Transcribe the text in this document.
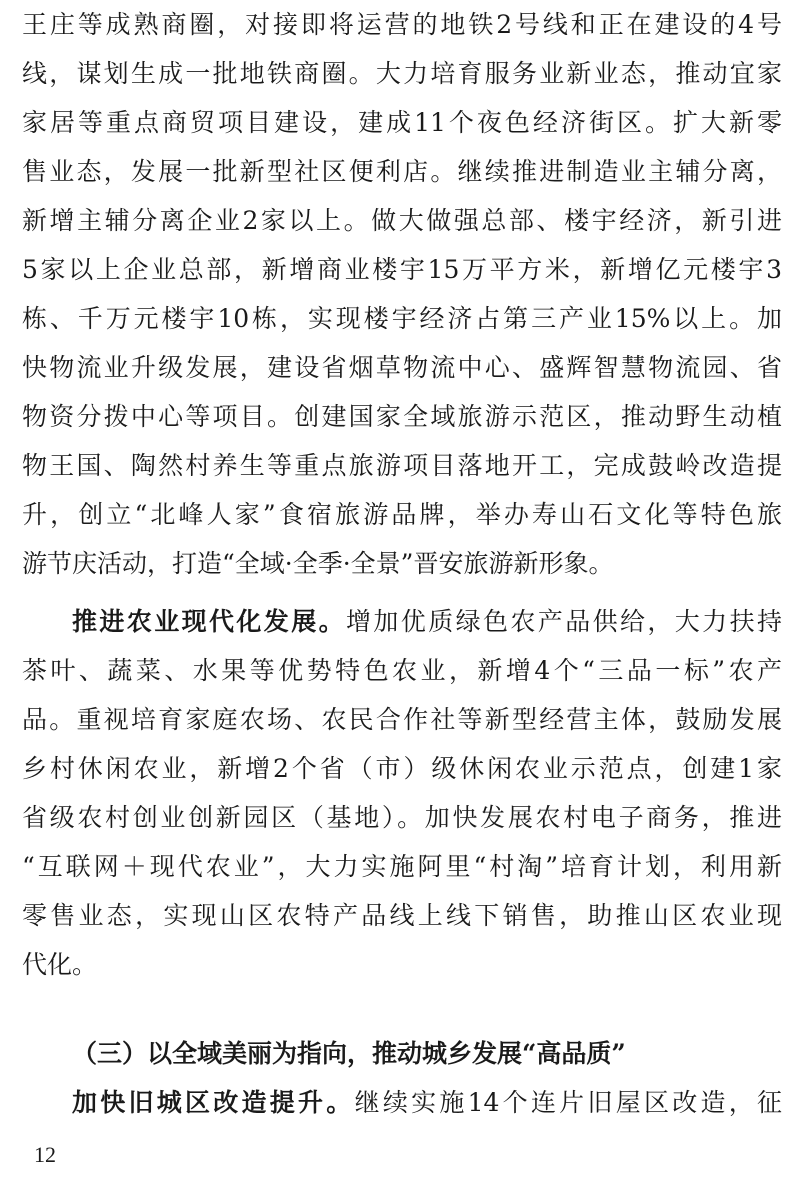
王庄等成熟商圈，对接即将运营的地铁2号线和正在建设的4号
线，谋划生成一批地铁商圈。大力培育服务业新业态，推动宜家
家居等重点商贸项目建设，建成11个夜色经济街区。扩大新零
售业态，发展一批新型社区便利店。继续推进制造业主辅分离，
新增主辅分离企业2家以上。做大做强总部、楼宇经济，新引进
5家以上企业总部，新增商业楼宇15万平方米，新增亿元楼宇3
栋、千万元楼宇10栋，实现楼宇经济占第三产业15%以上。加
快物流业升级发展，建设省烟草物流中心、盛辉智慧物流园、省
物资分拨中心等项目。创建国家全域旅游示范区，推动野生动植
物王国、陶然村养生等重点旅游项目落地开工，完成鼓岭改造提
升，创立“北峰人家”食宿旅游品牌，举办寿山石文化等特色旅
游节庆活动，打造“全域·全季·全景”晋安旅游新形象。
推进农业现代化发展。增加优质绿色农产品供给，大力扶持
茶叶、蔬菜、水果等优势特色农业，新增4个“三品一标”农产
品。重视培育家庭农场、农民合作社等新型经营主体，鼓励发展
乡村休闲农业，新增2个省（市）级休闲农业示范点，创建1家
省级农村创业创新园区（基地）。加快发展农村电子商务，推进
“互联网＋现代农业”，大力实施阿里“村淘”培育计划，利用新
零售业态，实现山区农特产品线上线下销售，助推山区农业现
代化。
（三）以全域美丽为指向，推动城乡发展“高品质”
加快旧城区改造提升。继续实施14个连片旧屋区改造，征
12
